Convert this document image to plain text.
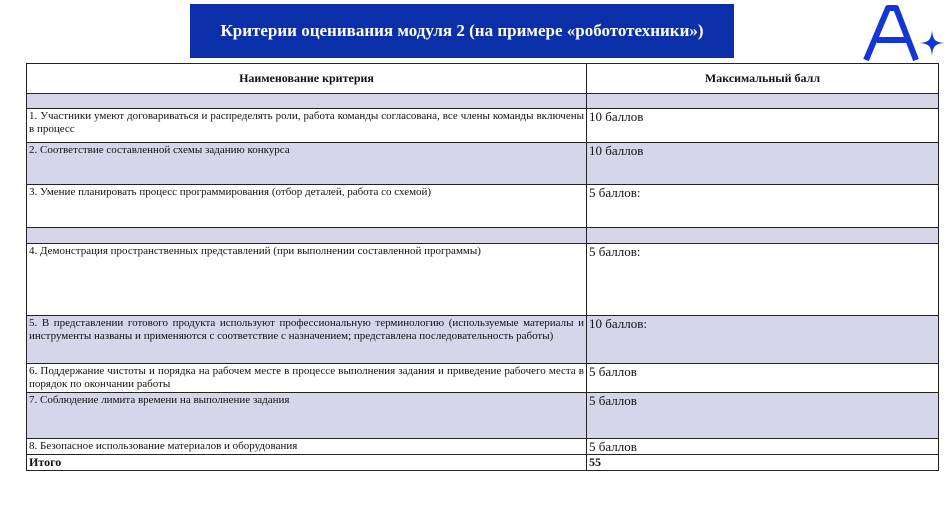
Критерии оценивания модуля 2 (на примере «робототехники»)
Наименование критерия	Максимальный балл

1. Участники умеют договариваться и распределять роли, работа команды согласована, все члены команды включены в процесс	10 баллов
2. Соответствие составленной схемы заданию конкурса	10 баллов
3. Умение планировать процесс программирования (отбор деталей, работа со схемой)	5 баллов:

4. Демонстрация пространственных представлений (при выполнении составленной программы)	5 баллов:
5. В представлении готового продукта используют профессиональную терминологию (используемые материалы и инструменты названы и применяются с соответствие с назначением; представлена последовательность работы)	10 баллов:
6. Поддержание чистоты и порядка на рабочем месте в процессе выполнения задания и приведение рабочего места в порядок по окончании работы	5 баллов
7. Соблюдение лимита времени на выполнение задания	5 баллов
8. Безопасное использование материалов и оборудования	5 баллов
Итого	55
